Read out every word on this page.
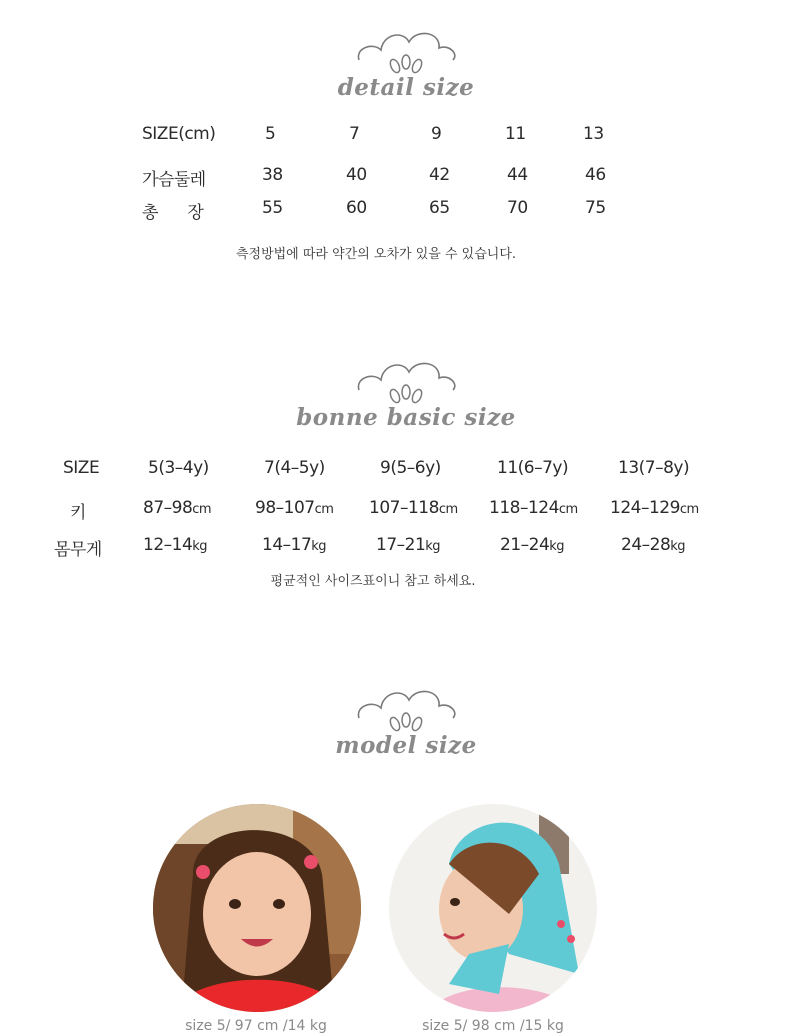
detail size
SIZE(cm)	5	7	9	11	13
가슴둘레	38	40	42	44	46
총      장	55	60	65	70	75
측정방법에 따라 약간의 오차가 있을 수 있습니다.
bonne basic size
SIZE	5(3–4y)	7(4–5y)	9(5–6y)	11(6–7y)	13(7–8y)
키	87–98cm	98–107cm 107–118cm 118–124cm 124–129cm
몸무게 12–14kg	14–17kg	17–21kg	21–24kg	24–28kg
평균적인 사이즈표이니 참고 하세요.
model size
size 5/ 97 cm /14 kg	size 5/ 98 cm /15 kg
